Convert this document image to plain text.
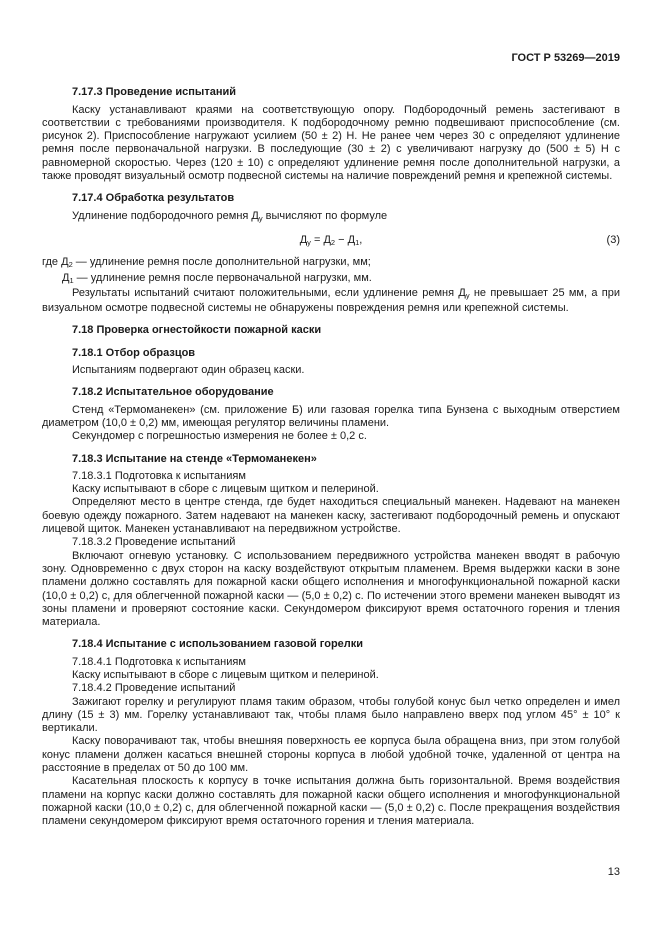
ГОСТ Р 53269—2019

7.17.3 Проведение испытаний

Каску устанавливают краями на соответствующую опору. Подбородочный ремень застегивают в соответствии с требованиями производителя. К подбородочному ремню подвешивают приспособление (см. рисунок 2). Приспособление нагружают усилием (50 ± 2) Н. Не ранее чем через 30 с определяют удлинение ремня после первоначальной нагрузки. В последующие (30 ± 2) с увеличивают нагрузку до (500 ± 5) Н с равномерной скоростью. Через (120 ± 10) с определяют удлинение ремня после дополнительной нагрузки, а также проводят визуальный осмотр подвесной системы на наличие повреждений ремня и крепежной системы.

7.17.4 Обработка результатов

Удлинение подбородочного ремня $Д_у$ вычисляют по формуле

$Д_у = Д_2 - Д_1$,	(3)

где $Д_2$ — удлинение ремня после дополнительной нагрузки, мм;

$Д_1$ — удлинение ремня после первоначальной нагрузки, мм.

Результаты испытаний считают положительными, если удлинение ремня $Д_у$ не превышает 25 мм, а при визуальном осмотре подвесной системы не обнаружены повреждения ремня или крепежной системы.

7.18 Проверка огнестойкости пожарной каски

7.18.1 Отбор образцов

Испытаниям подвергают один образец каски.

7.18.2 Испытательное оборудование

Стенд «Термоманекен» (см. приложение Б) или газовая горелка типа Бунзена с выходным отверстием диаметром (10,0 ± 0,2) мм, имеющая регулятор величины пламени.

Секундомер с погрешностью измерения не более ± 0,2 с.

7.18.3 Испытание на стенде «Термоманекен»

7.18.3.1 Подготовка к испытаниям

Каску испытывают в сборе с лицевым щитком и пелериной.

Определяют место в центре стенда, где будет находиться специальный манекен. Надевают на манекен боевую одежду пожарного. Затем надевают на манекен каску, застегивают подбородочный ремень и опускают лицевой щиток. Манекен устанавливают на передвижном устройстве.

7.18.3.2 Проведение испытаний

Включают огневую установку. С использованием передвижного устройства манекен вводят в рабочую зону. Одновременно с двух сторон на каску воздействуют открытым пламенем. Время выдержки каски в зоне пламени должно составлять для пожарной каски общего исполнения и многофункциональной пожарной каски (10,0 ± 0,2) с, для облегченной пожарной каски — (5,0 ± 0,2) с. По истечении этого времени манекен выводят из зоны пламени и проверяют состояние каски. Секундомером фиксируют время остаточного горения и тления материала.

7.18.4 Испытание с использованием газовой горелки

7.18.4.1 Подготовка к испытаниям

Каску испытывают в сборе с лицевым щитком и пелериной.

7.18.4.2 Проведение испытаний

Зажигают горелку и регулируют пламя таким образом, чтобы голубой конус был четко определен и имел длину (15 ± 3) мм. Горелку устанавливают так, чтобы пламя было направлено вверх под углом 45° ± 10° к вертикали.

Каску поворачивают так, чтобы внешняя поверхность ее корпуса была обращена вниз, при этом голубой конус пламени должен касаться внешней стороны корпуса в любой удобной точке, удаленной от центра на расстояние в пределах от 50 до 100 мм.

Касательная плоскость к корпусу в точке испытания должна быть горизонтальной. Время воздействия пламени на корпус каски должно составлять для пожарной каски общего исполнения и многофункциональной пожарной каски (10,0 ± 0,2) с, для облегченной пожарной каски — (5,0 ± 0,2) с. После прекращения воздействия пламени секундомером фиксируют время остаточного горения и тления материала.

13
